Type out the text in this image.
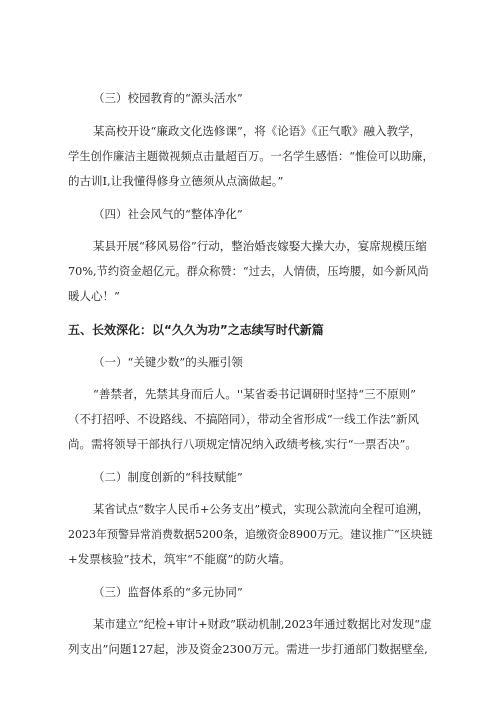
（三）校园教育的“源头活水”

某高校开设“廉政文化选修课”，将《论语》《正气歌》融入教学，

学生创作廉洁主题微视频点击量超百万。一名学生感悟：“惟俭可以助廉，

的古训I,让我懂得修身立德须从点滴做起。”

（四）社会风气的“整体净化”

某县开展“移风易俗”行动，整治婚丧嫁娶大操大办，宴席规模压缩

70%,节约资金超亿元。群众称赞：“过去，人情债，压垮腰，如今新风尚

暖人心！”

五、长效深化：以“久久为功”之志续写时代新篇

（一）“关键少数”的头雁引领

“善禁者，先禁其身而后人。''某省委书记调研时坚持“三不原则”

（不打招呼、不设路线、不搞陪同），带动全省形成“一线工作法”新风

尚。需将领导干部执行八项规定情况纳入政绩考核,实行“一票否决”。

（二）制度创新的“科技赋能”

某省试点“数字人民币+公务支出”模式，实现公款流向全程可追溯，

2023年预警异常消费数据5200条，追缴资金8900万元。建议推广“区块链

+发票核验”技术，筑牢“不能腐”的防火墙。

（三）监督体系的“多元协同”

某市建立“纪检+审计+财政”联动机制,2023年通过数据比对发现“虚

列支出”问题127起，涉及资金2300万元。需进一步打通部门数据壁垒,
